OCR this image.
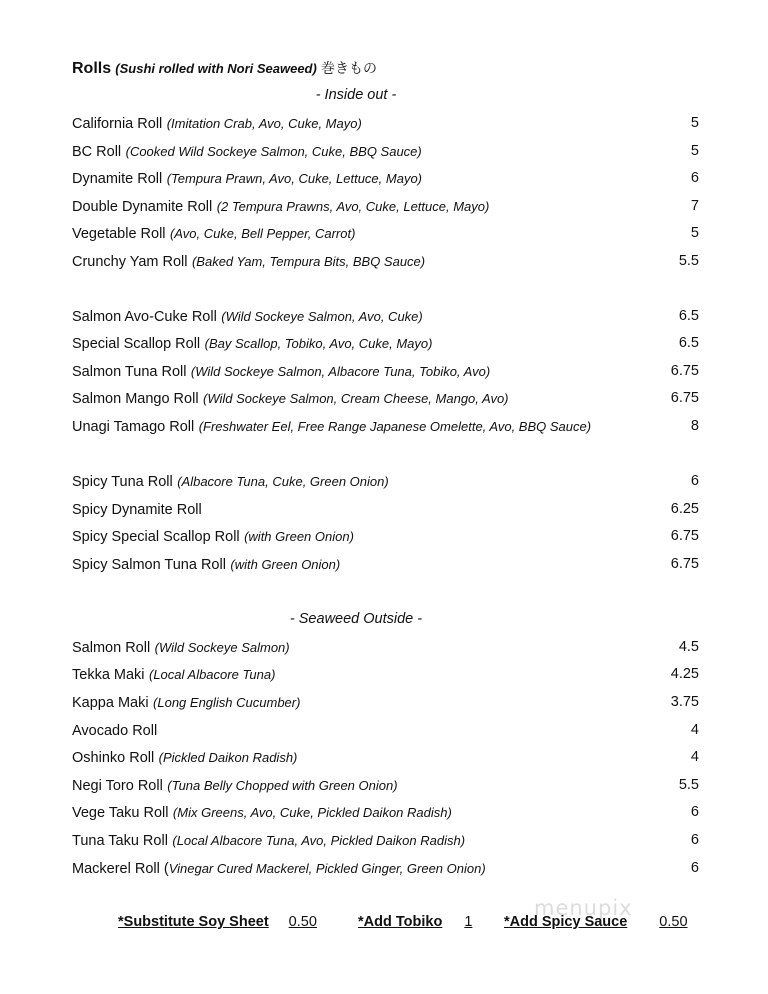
Rolls (Sushi rolled with Nori Seaweed) 巻きもの
- Inside out -
California Roll (Imitation Crab, Avo, Cuke, Mayo)	5
BC Roll (Cooked Wild Sockeye Salmon, Cuke, BBQ Sauce)	5
Dynamite Roll (Tempura Prawn, Avo, Cuke, Lettuce, Mayo)	6
Double Dynamite Roll (2 Tempura Prawns, Avo, Cuke, Lettuce, Mayo)	7
Vegetable Roll (Avo, Cuke, Bell Pepper, Carrot)	5
Crunchy Yam Roll (Baked Yam, Tempura Bits, BBQ Sauce)	5.5
Salmon Avo-Cuke Roll (Wild Sockeye Salmon, Avo, Cuke)	6.5
Special Scallop Roll (Bay Scallop, Tobiko, Avo, Cuke, Mayo)	6.5
Salmon Tuna Roll (Wild Sockeye Salmon, Albacore Tuna, Tobiko, Avo)	6.75
Salmon Mango Roll (Wild Sockeye Salmon, Cream Cheese, Mango, Avo)	6.75
Unagi Tamago Roll (Freshwater Eel, Free Range Japanese Omelette, Avo, BBQ Sauce)	8
Spicy Tuna Roll (Albacore Tuna, Cuke, Green Onion)	6
Spicy Dynamite Roll	6.25
Spicy Special Scallop Roll (with Green Onion)	6.75
Spicy Salmon Tuna Roll (with Green Onion)	6.75
- Seaweed Outside -
Salmon Roll (Wild Sockeye Salmon)	4.5
Tekka Maki (Local Albacore Tuna)	4.25
Kappa Maki (Long English Cucumber)	3.75
Avocado Roll	4
Oshinko Roll (Pickled Daikon Radish)	4
Negi Toro Roll (Tuna Belly Chopped with Green Onion)	5.5
Vege Taku Roll (Mix Greens, Avo, Cuke, Pickled Daikon Radish)	6
Tuna Taku Roll (Local Albacore Tuna, Avo, Pickled Daikon Radish)	6
Mackerel Roll (Vinegar Cured Mackerel, Pickled Ginger, Green Onion)	6
menupix
*Substitute Soy Sheet 0.50	*Add Tobiko 1 *Add Spicy Sauce 0.50
